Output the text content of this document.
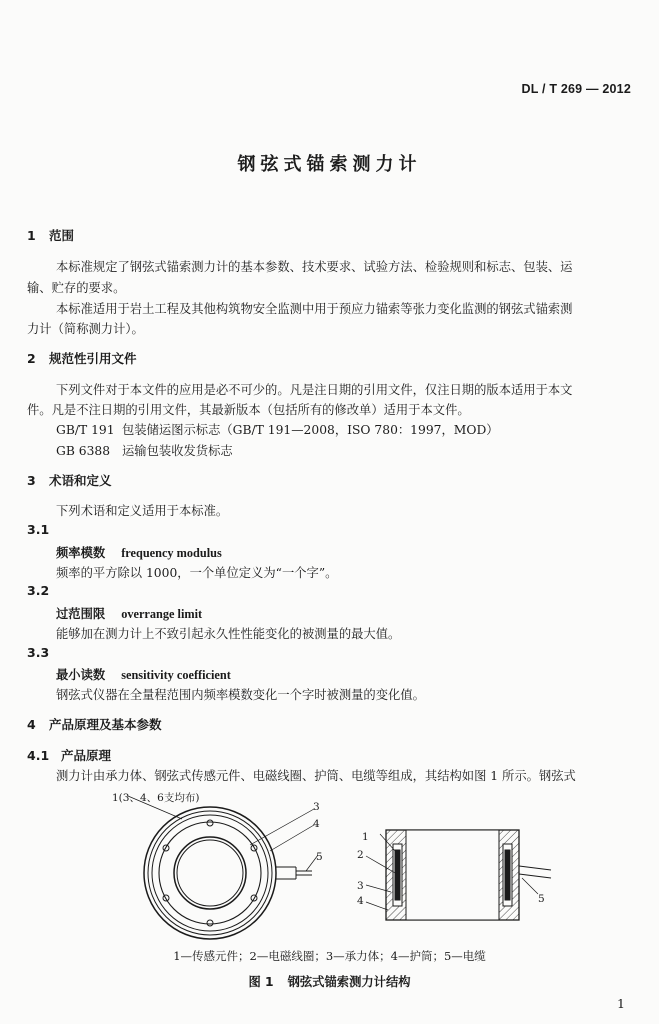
DL / T 269 — 2012
钢弦式锚索测力计
1 范围
本标准规定了钢弦式锚索测力计的基本参数、技术要求、试验方法、检验规则和标志、包装、运
输、贮存的要求。
本标准适用于岩土工程及其他构筑物安全监测中用于预应力锚索等张力变化监测的钢弦式锚索测
力计（简称测力计）。
2 规范性引用文件
下列文件对于本文件的应用是必不可少的。凡是注日期的引用文件，仅注日期的版本适用于本文
件。凡是不注日期的引用文件，其最新版本（包括所有的修改单）适用于本文件。
GB/T 191 包装储运图示标志（GB/T 191—2008，ISO 780：1997，MOD）
GB 6388 运输包装收发货标志
3 术语和定义
下列术语和定义适用于本标准。
3.1
频率模数 frequency modulus
频率的平方除以 1000，一个单位定义为“一个字”。
3.2
过范围限 overrange limit
能够加在测力计上不致引起永久性性能变化的被测量的最大值。
3.3
最小读数 sensitivity coefficient
钢弦式仪器在全量程范围内频率模数变化一个字时被测量的变化值。
4 产品原理及基本参数
4.1 产品原理
测力计由承力体、钢弦式传感元件、电磁线圈、护筒、电缆等组成，其结构如图 1 所示。钢弦式
1(3、4、6支均布)
3
4
5
1
2
3
4	5
1—传感元件；2—电磁线圈；3—承力体；4—护筒；5—电缆
图 1 钢弦式锚索测力计结构
1
